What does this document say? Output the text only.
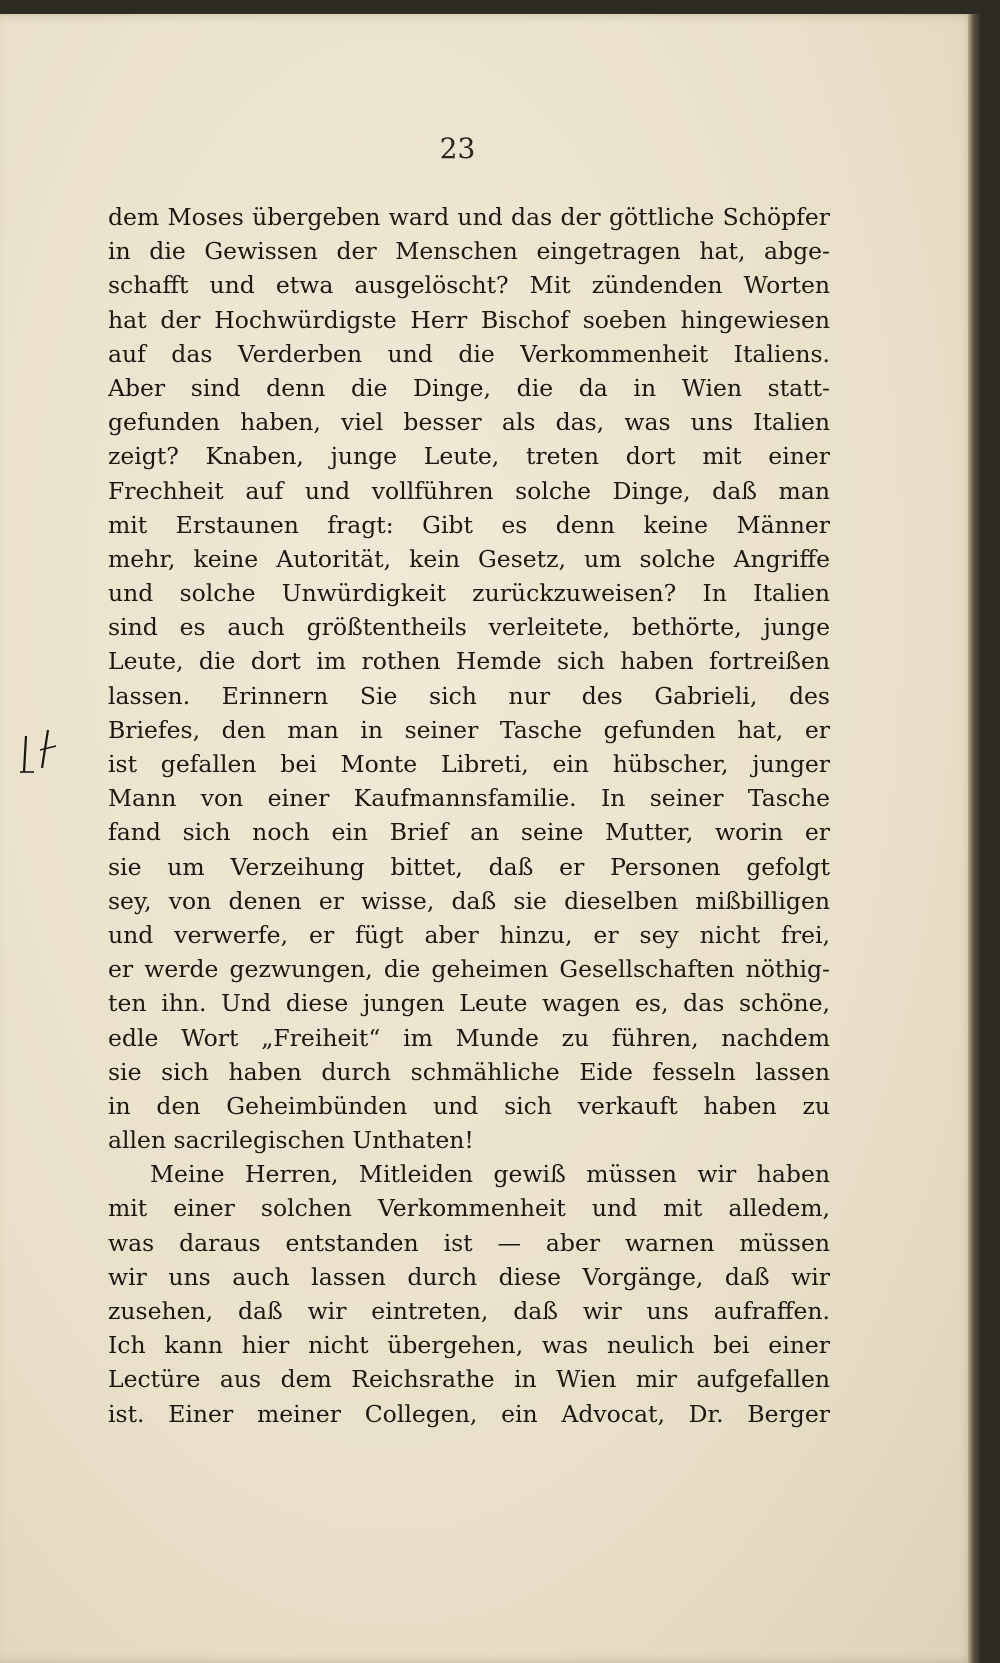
23
dem Moses übergeben ward und das der göttliche Schöpfer
in die Gewissen der Menschen eingetragen hat, abge-
schafft und etwa ausgelöscht? Mit zündenden Worten
hat der Hochwürdigste Herr Bischof soeben hingewiesen
auf das Verderben und die Verkommenheit Italiens.
Aber sind denn die Dinge, die da in Wien statt-
gefunden haben, viel besser als das, was uns Italien
zeigt? Knaben, junge Leute, treten dort mit einer
Frechheit auf und vollführen solche Dinge, daß man
mit Erstaunen fragt: Gibt es denn keine Männer
mehr, keine Autorität, kein Gesetz, um solche Angriffe
und solche Unwürdigkeit zurückzuweisen? In Italien
sind es auch größtentheils verleitete, bethörte, junge
Leute, die dort im rothen Hemde sich haben fortreißen
lassen. Erinnern Sie sich nur des Gabrieli, des
Briefes, den man in seiner Tasche gefunden hat, er
ist gefallen bei Monte Libreti, ein hübscher, junger
Mann von einer Kaufmannsfamilie. In seiner Tasche
fand sich noch ein Brief an seine Mutter, worin er
sie um Verzeihung bittet, daß er Personen gefolgt
sey, von denen er wisse, daß sie dieselben mißbilligen
und verwerfe, er fügt aber hinzu, er sey nicht frei,
er werde gezwungen, die geheimen Gesellschaften nöthig-
ten ihn. Und diese jungen Leute wagen es, das schöne,
edle Wort „Freiheit“ im Munde zu führen, nachdem
sie sich haben durch schmähliche Eide fesseln lassen
in den Geheimbünden und sich verkauft haben zu
allen sacrilegischen Unthaten!
Meine Herren, Mitleiden gewiß müssen wir haben
mit einer solchen Verkommenheit und mit alledem,
was daraus entstanden ist — aber warnen müssen
wir uns auch lassen durch diese Vorgänge, daß wir
zusehen, daß wir eintreten, daß wir uns aufraffen.
Ich kann hier nicht übergehen, was neulich bei einer
Lectüre aus dem Reichsrathe in Wien mir aufgefallen
ist. Einer meiner Collegen, ein Advocat, Dr. Berger
